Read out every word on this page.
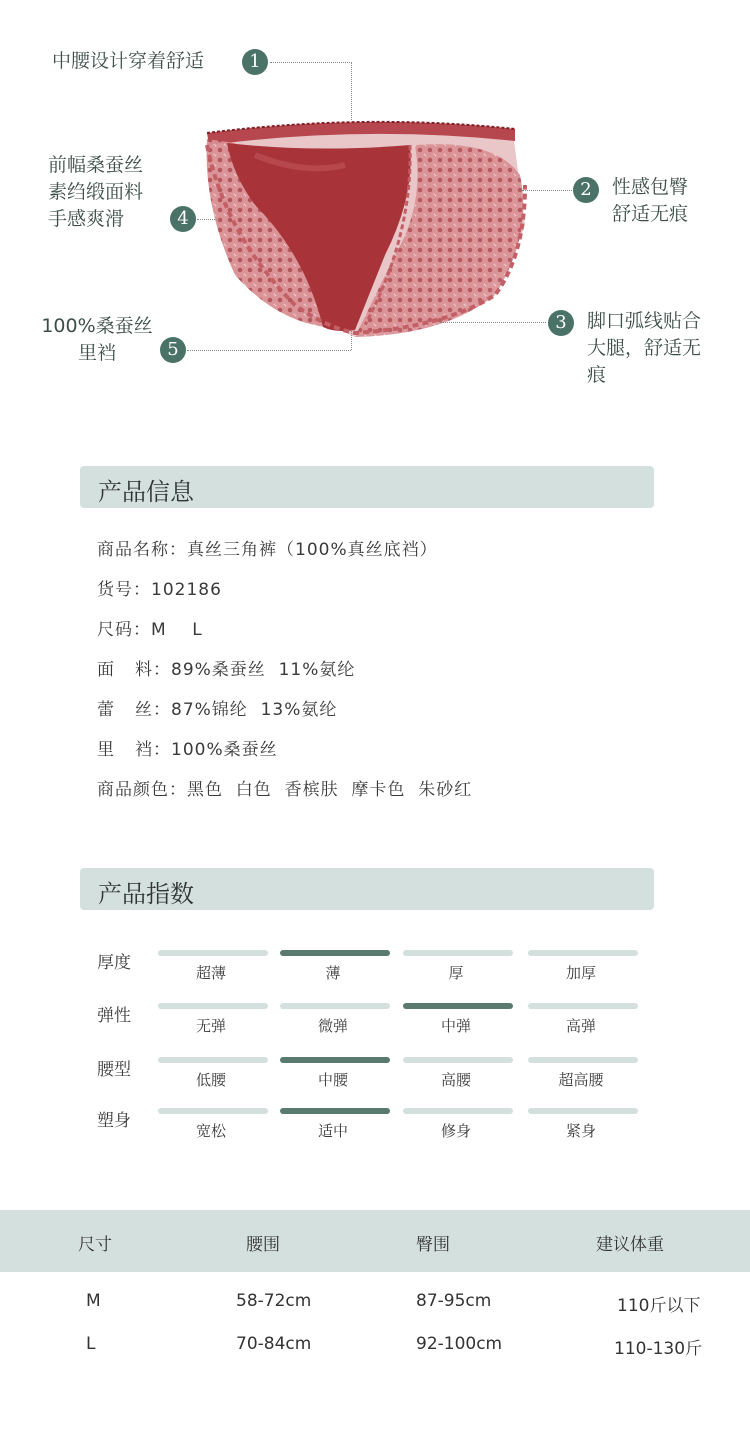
中腰设计穿着舒适	1
2	性感包臀
舒适无痕
3	脚口弧线贴合
大腿，舒适无
痕
前幅桑蚕丝
素绉缎面料
手感爽滑	4
100%桑蚕丝
里裆	5
产品信息
商品名称：真丝三角裤（100%真丝底裆）
货号：102186
尺码：M    L
面 料：89%桑蚕丝  11%氨纶
蕾 丝：87%锦纶  13%氨纶
里 裆：100%桑蚕丝
商品颜色：黑色  白色  香槟肤  摩卡色  朱砂红
产品指数
厚度	超薄	薄	厚	加厚
弹性	无弹	微弹	中弹	高弹
腰型	低腰	中腰	高腰	超高腰
塑身	宽松	适中	修身	紧身
尺寸	腰围	臀围	建议体重
M	58-72cm	87-95cm	110斤以下
L	70-84cm	92-100cm	110-130斤
